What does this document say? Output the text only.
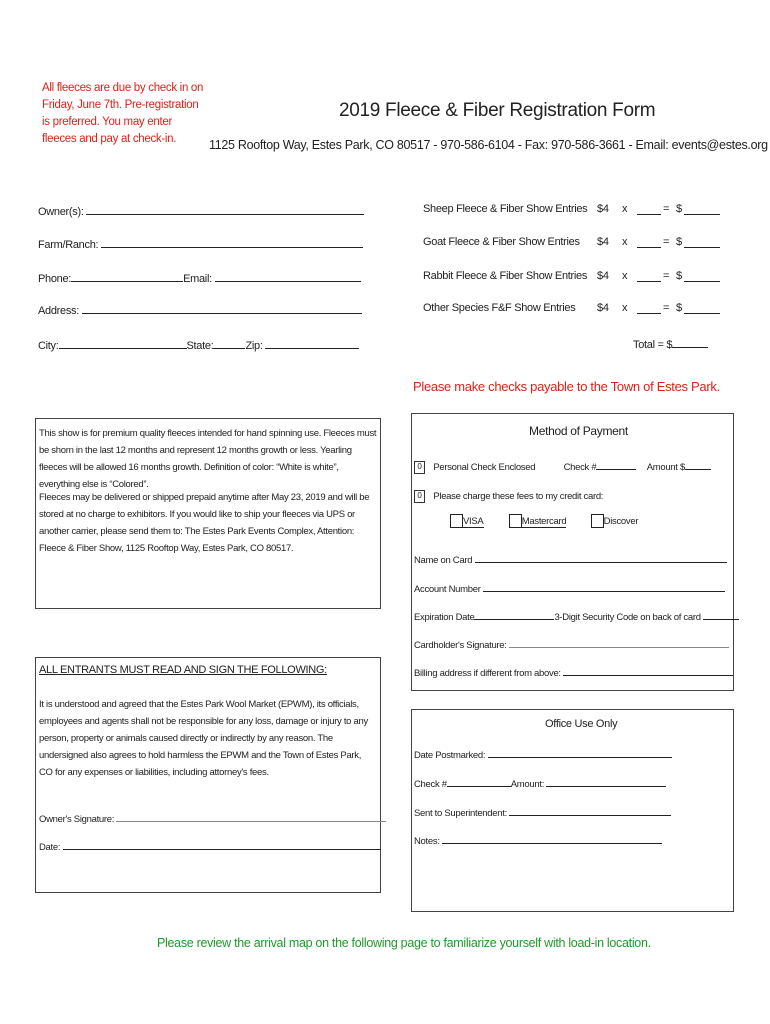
All fleeces are due by check in on
Friday, June 7th. Pre-registration
is preferred. You may enter
fleeces and pay at check-in.
2019 Fleece & Fiber Registration Form
1125 Rooftop Way, Estes Park, CO 80517 - 970-586-6104 - Fax: 970-586-3661 - Email: events@estes.org
Owner(s):
Farm/Ranch:
Phone:	Email:
Address:
City:	State:	Zip:
Sheep Fleece & Fiber Show Entries $4 x	= $
Goat Fleece & Fiber Show Entries $4 x	= $
Rabbit Fleece & Fiber Show Entries $4 x	= $
Other Species F&F Show Entries $4 x	= $
Total = $
Please make checks payable to the Town of Estes Park.
This show is for premium quality fleeces intended for hand spinning use. Fleeces must be shorn in the last 12 months and represent 12 months growth or less. Yearling fleeces will be allowed 16 months growth. Definition of color: “White is white”, everything else is “Colored”.
Fleeces may be delivered or shipped prepaid anytime after May 23, 2019 and will be stored at no charge to exhibitors. If you would like to ship your fleeces via UPS or another carrier, please send them to: The Estes Park Events Complex, Attention: Fleece & Fiber Show, 1125 Rooftop Way, Estes Park, CO 80517.
Method of Payment
0 Personal Check Enclosed	Check #	Amount $
0 Please charge these fees to my credit card:
VISA	Mastercard	Discover
Name on Card
Account Number
Expiration Date	3-Digit Security Code on back of card
Cardholder's Signature:
Billing address if different from above:
ALL ENTRANTS MUST READ AND SIGN THE FOLLOWING:
It is understood and agreed that the Estes Park Wool Market (EPWM), its officials, employees and agents shall not be responsible for any loss, damage or injury to any person, property or animals caused directly or indirectly by any reason. The undersigned also agrees to hold harmless the EPWM and the Town of Estes Park, CO for any expenses or liabilities, including attorney's fees.
Owner's Signature:
Date:
Office Use Only
Date Postmarked:
Check #	Amount:
Sent to Superintendent:
Notes:
Please review the arrival map on the following page to familiarize yourself with load-in location.
